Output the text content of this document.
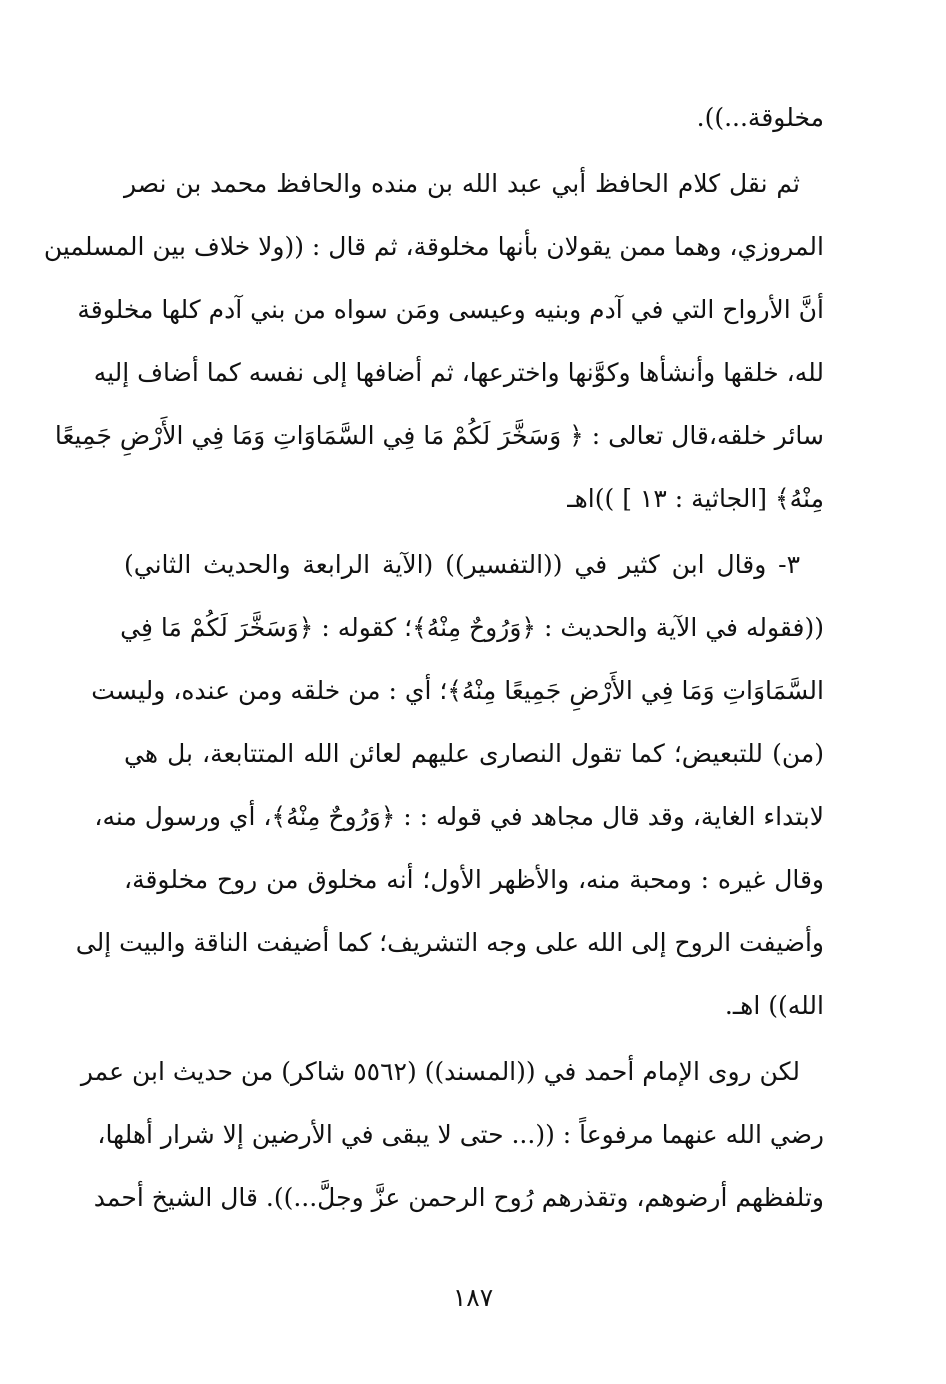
مخلوقة...)).
ثم نقل كلام الحافظ أبي عبد الله بن منده والحافظ محمد بن نصر
المروزي، وهما ممن يقولان بأنها مخلوقة، ثم قال : ((ولا خلاف بين المسلمين
أنَّ الأرواح التي في آدم وبنيه وعيسى ومَن سواه من بني آدم كلها مخلوقة
لله، خلقها وأنشأها وكوَّنها واخترعها، ثم أضافها إلى نفسه كما أضاف إليه
سائر خلقه،قال تعالى : ﴿ وَسَخَّرَ لَكُمْ مَا فِي السَّمَاوَاتِ وَمَا فِي الأَرْضِ جَمِيعًا
مِنْهُ﴾ [الجاثية : ١٣ ] ))اهـ
٣- وقال ابن كثير في ((التفسير)) (الآية الرابعة والحديث الثاني)
((فقوله في الآية والحديث : ﴿وَرُوحٌ مِنْهُ﴾؛ كقوله : ﴿وَسَخَّرَ لَكُمْ مَا فِي
السَّمَاوَاتِ وَمَا فِي الأَرْضِ جَمِيعًا مِنْهُ﴾؛ أي : من خلقه ومن عنده، وليست
(من) للتبعيض؛ كما تقول النصارى عليهم لعائن الله المتتابعة، بل هي
لابتداء الغاية، وقد قال مجاهد في قوله : : ﴿وَرُوحٌ مِنْهُ﴾، أي ورسول منه،
وقال غيره : ومحبة منه، والأظهر الأول؛ أنه مخلوق من روح مخلوقة،
وأضيفت الروح إلى الله على وجه التشريف؛ كما أضيفت الناقة والبيت إلى
الله)) اهـ.
لكن روى الإمام أحمد في ((المسند)) (٥٥٦٢ شاكر) من حديث ابن عمر
رضي الله عنهما مرفوعاً : ((... حتى لا يبقى في الأرضين إلا شرار أهلها،
وتلفظهم أرضوهم، وتقذرهم رُوح الرحمن عزَّ وجلَّ...)). قال الشيخ أحمد
١٨٧
